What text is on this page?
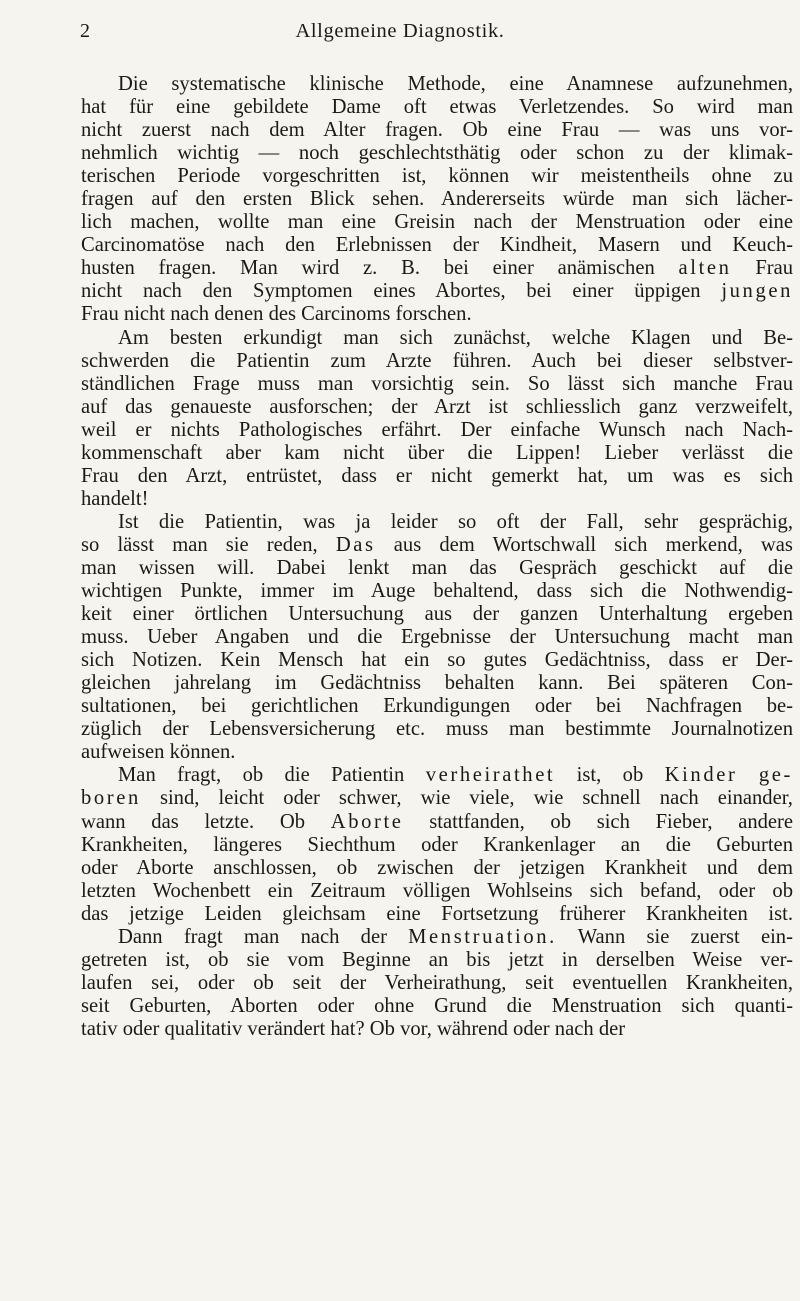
2	Allgemeine Diagnostik.
Die systematische klinische Methode, eine Anamnese aufzunehmen,
hat für eine gebildete Dame oft etwas Verletzendes. So wird man
nicht zuerst nach dem Alter fragen. Ob eine Frau — was uns vor-
nehmlich wichtig — noch geschlechtsthätig oder schon zu der klimak-
terischen Periode vorgeschritten ist, können wir meistentheils ohne zu
fragen auf den ersten Blick sehen. Andererseits würde man sich lächer-
lich machen, wollte man eine Greisin nach der Menstruation oder eine
Carcinomatöse nach den Erlebnissen der Kindheit, Masern und Keuch-
husten fragen. Man wird z. B. bei einer anämischen alten Frau
nicht nach den Symptomen eines Abortes, bei einer üppigen jungen
Frau nicht nach denen des Carcinoms forschen.
Am besten erkundigt man sich zunächst, welche Klagen und Be-
schwerden die Patientin zum Arzte führen. Auch bei dieser selbstver-
ständlichen Frage muss man vorsichtig sein. So lässt sich manche Frau
auf das genaueste ausforschen; der Arzt ist schliesslich ganz verzweifelt,
weil er nichts Pathologisches erfährt. Der einfache Wunsch nach Nach-
kommenschaft aber kam nicht über die Lippen! Lieber verlässt die
Frau den Arzt, entrüstet, dass er nicht gemerkt hat, um was es sich
handelt!
Ist die Patientin, was ja leider so oft der Fall, sehr gesprächig,
so lässt man sie reden, Das aus dem Wortschwall sich merkend, was
man wissen will. Dabei lenkt man das Gespräch geschickt auf die
wichtigen Punkte, immer im Auge behaltend, dass sich die Nothwendig-
keit einer örtlichen Untersuchung aus der ganzen Unterhaltung ergeben
muss. Ueber Angaben und die Ergebnisse der Untersuchung macht man
sich Notizen. Kein Mensch hat ein so gutes Gedächtniss, dass er Der-
gleichen jahrelang im Gedächtniss behalten kann. Bei späteren Con-
sultationen, bei gerichtlichen Erkundigungen oder bei Nachfragen be-
züglich der Lebensversicherung etc. muss man bestimmte Journalnotizen
aufweisen können.
Man fragt, ob die Patientin verheirathet ist, ob Kinder ge-
boren sind, leicht oder schwer, wie viele, wie schnell nach einander,
wann das letzte. Ob Aborte stattfanden, ob sich Fieber, andere
Krankheiten, längeres Siechthum oder Krankenlager an die Geburten
oder Aborte anschlossen, ob zwischen der jetzigen Krankheit und dem
letzten Wochenbett ein Zeitraum völligen Wohlseins sich befand, oder ob
das jetzige Leiden gleichsam eine Fortsetzung früherer Krankheiten ist.
Dann fragt man nach der Menstruation. Wann sie zuerst ein-
getreten ist, ob sie vom Beginne an bis jetzt in derselben Weise ver-
laufen sei, oder ob seit der Verheirathung, seit eventuellen Krankheiten,
seit Geburten, Aborten oder ohne Grund die Menstruation sich quanti-
tativ oder qualitativ verändert hat? Ob vor, während oder nach der
